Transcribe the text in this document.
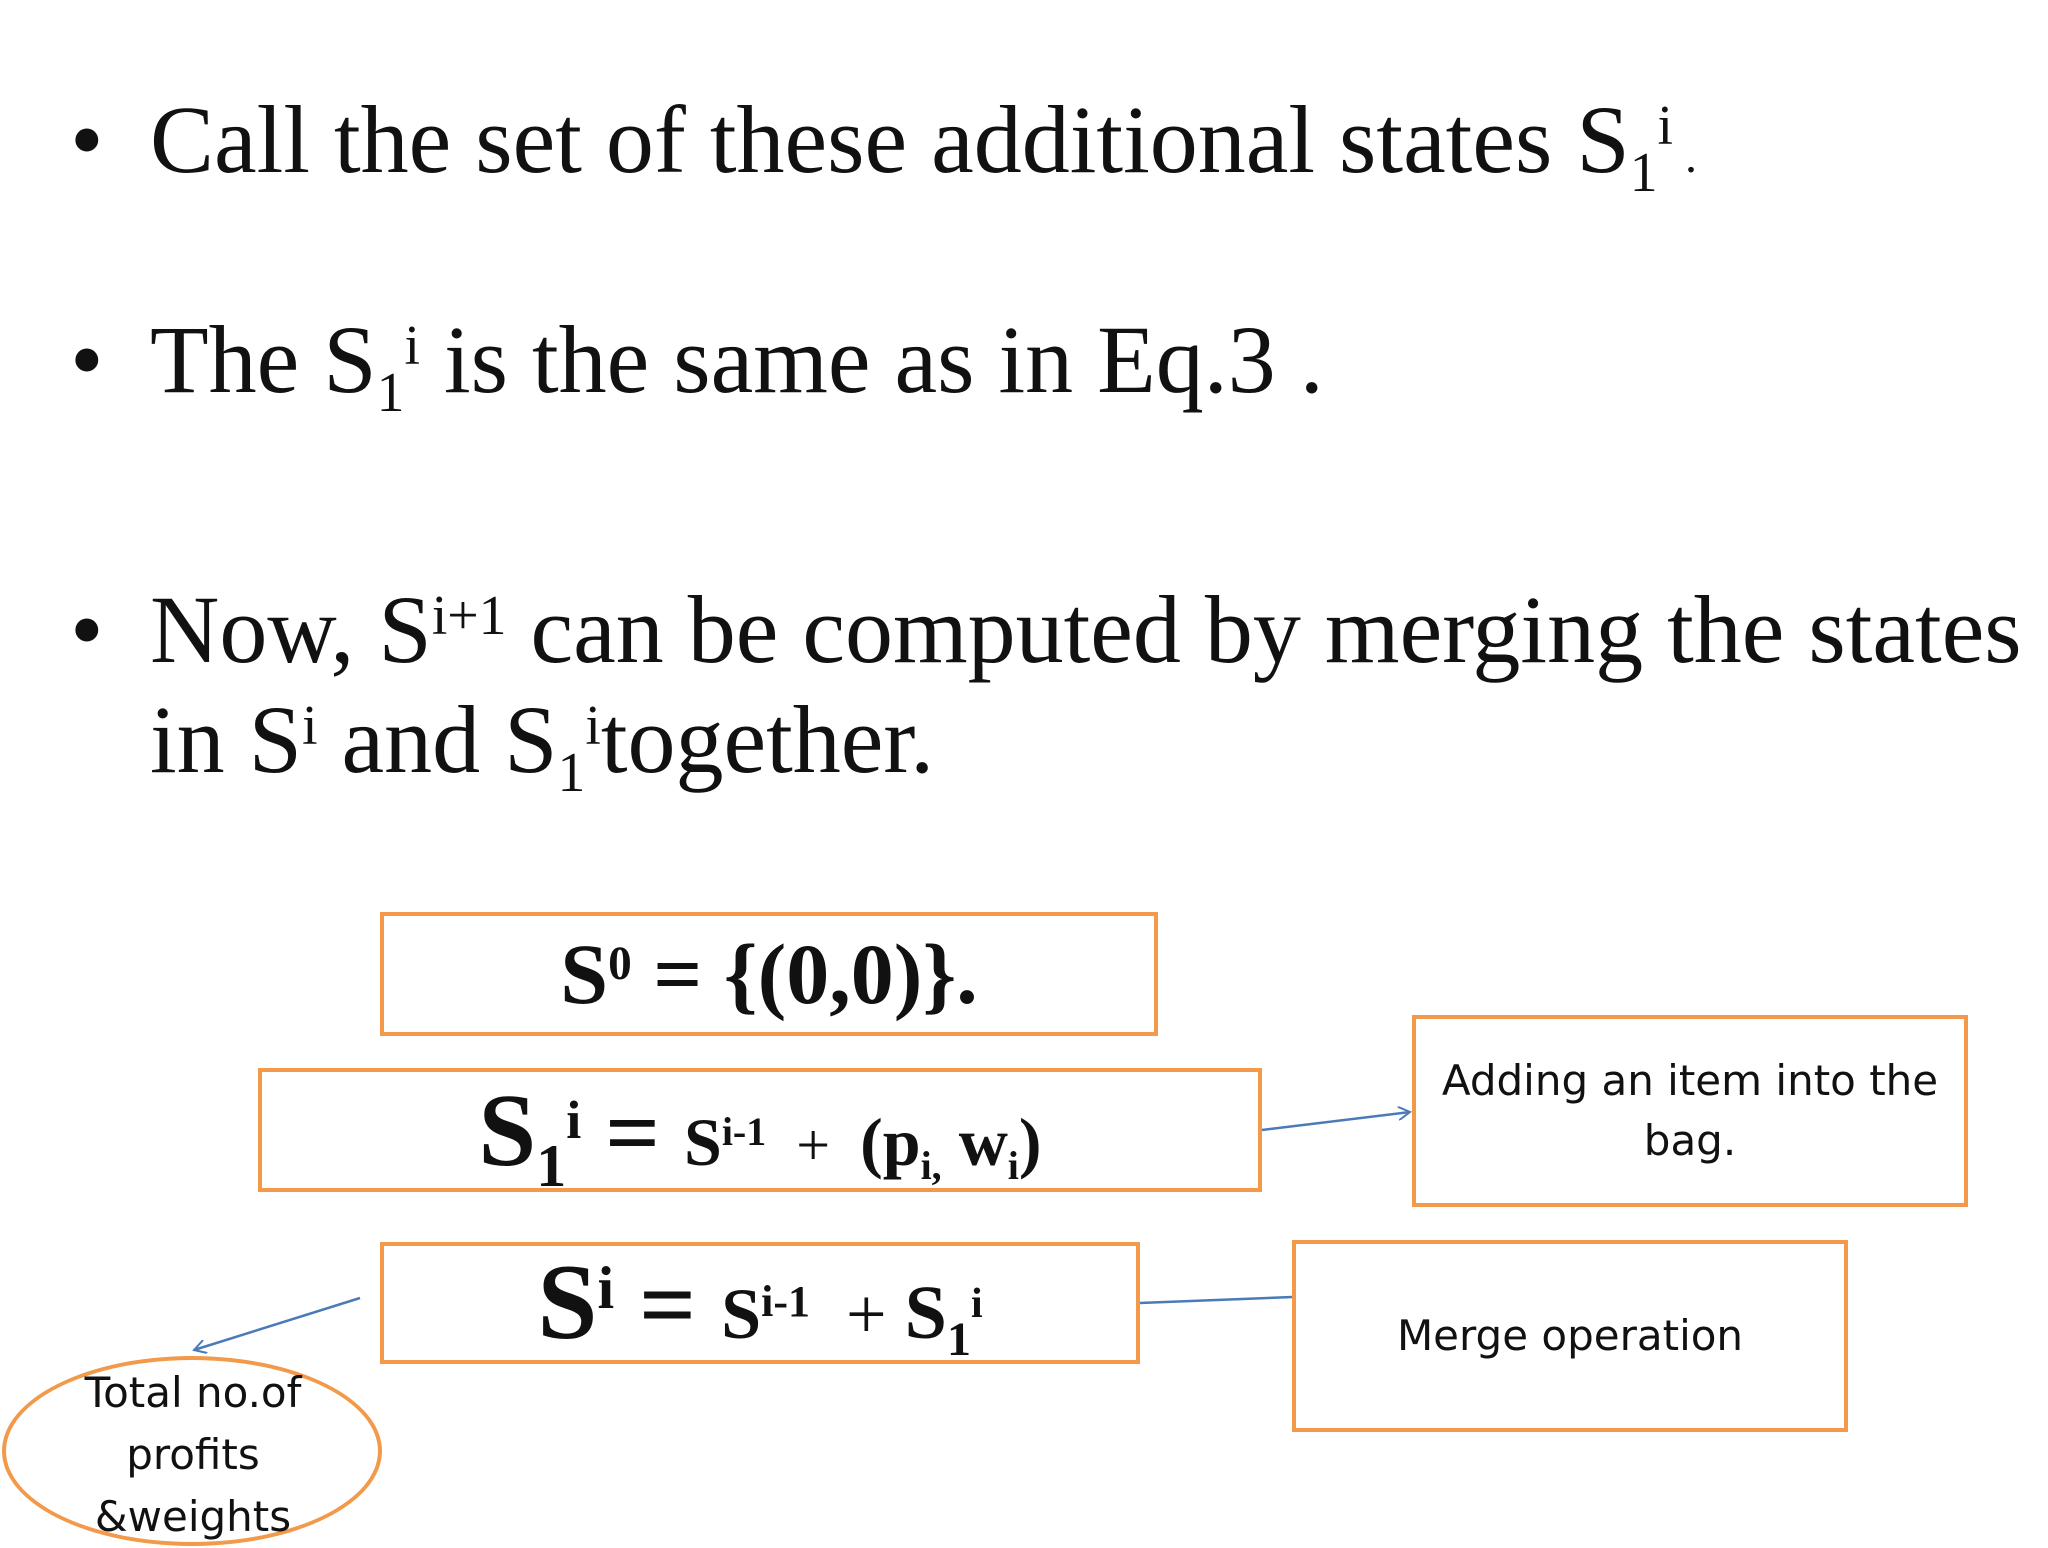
• Call the set of these additional states $S_1^i$ .
• The $S_1^i$ is the same as in Eq.3 .
• Now, $S^{i+1}$ can be computed by merging the states
in $S^i$ and $S_1^itogether$.
$S^0 = \{(0,0)\}$.
S1i = Si-1  +  (pi, wi)
Si = Si-1  + S1i
Adding an item into the bag.
Merge operation
Total no.of profits &weights
